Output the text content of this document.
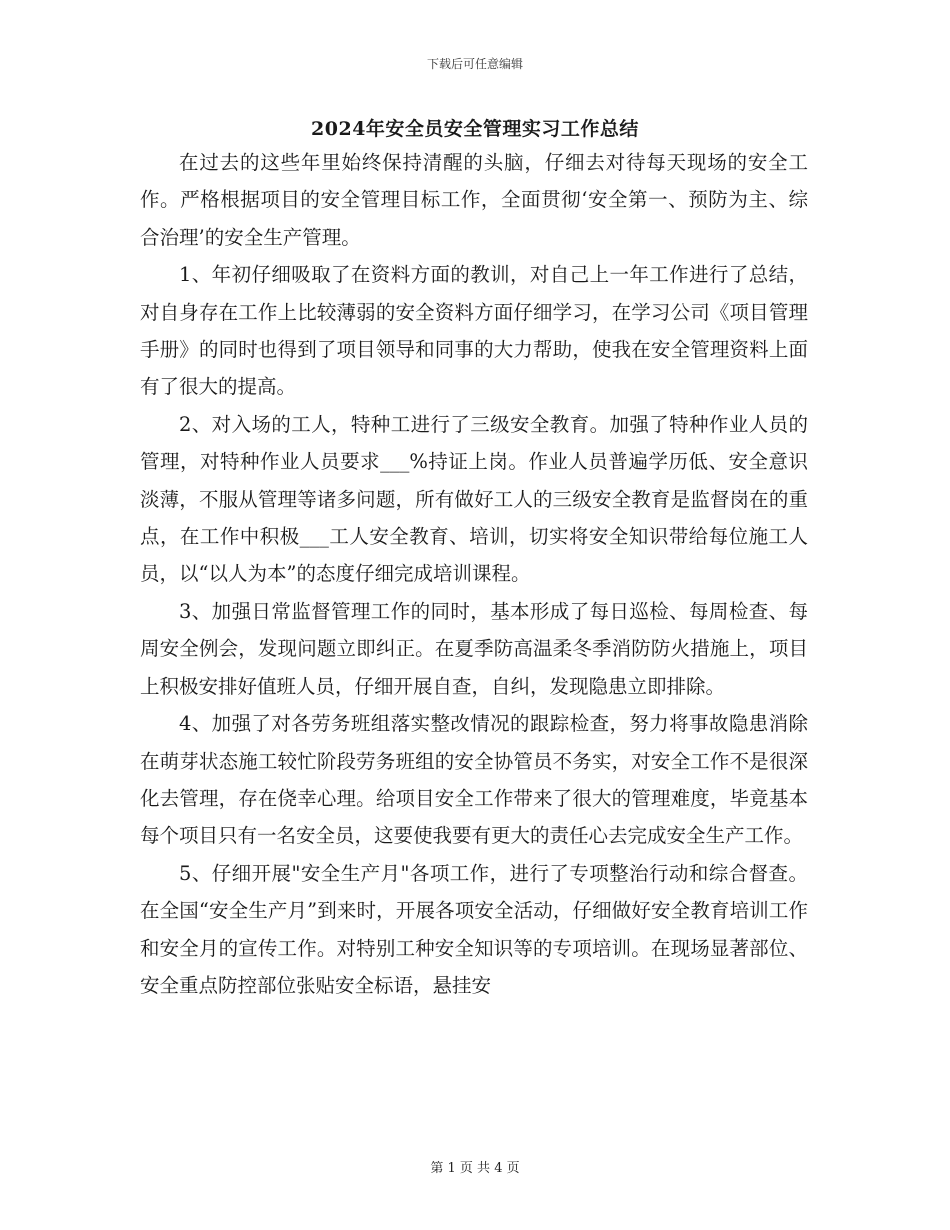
下载后可任意编辑
2024年安全员安全管理实习工作总结

在过去的这些年里始终保持清醒的头脑，仔细去对待每天现场的安全工作。严格根据项目的安全管理目标工作，全面贯彻‘安全第一、预防为主、综合治理’的安全生产管理。

1、年初仔细吸取了在资料方面的教训，对自己上一年工作进行了总结，对自身存在工作上比较薄弱的安全资料方面仔细学习，在学习公司《项目管理手册》的同时也得到了项目领导和同事的大力帮助，使我在安全管理资料上面有了很大的提高。

2、对入场的工人，特种工进行了三级安全教育。加强了特种作业人员的管理，对特种作业人员要求___%持证上岗。作业人员普遍学历低、安全意识淡薄，不服从管理等诸多问题，所有做好工人的三级安全教育是监督岗在的重点，在工作中积极___工人安全教育、培训，切实将安全知识带给每位施工人员，以“以人为本”的态度仔细完成培训课程。

3、加强日常监督管理工作的同时，基本形成了每日巡检、每周检查、每周安全例会，发现问题立即纠正。在夏季防高温柔冬季消防防火措施上，项目上积极安排好值班人员，仔细开展自查，自纠，发现隐患立即排除。

4、加强了对各劳务班组落实整改情况的跟踪检查，努力将事故隐患消除在萌芽状态施工较忙阶段劳务班组的安全协管员不务实，对安全工作不是很深化去管理，存在侥幸心理。给项目安全工作带来了很大的管理难度，毕竟基本每个项目只有一名安全员，这要使我要有更大的责任心去完成安全生产工作。

5、仔细开展"安全生产月"各项工作，进行了专项整治行动和综合督查。在全国“安全生产月”到来时，开展各项安全活动，仔细做好安全教育培训工作和安全月的宣传工作。对特别工种安全知识等的专项培训。在现场显著部位、安全重点防控部位张贴安全标语，悬挂安

第 1 页 共 4 页
